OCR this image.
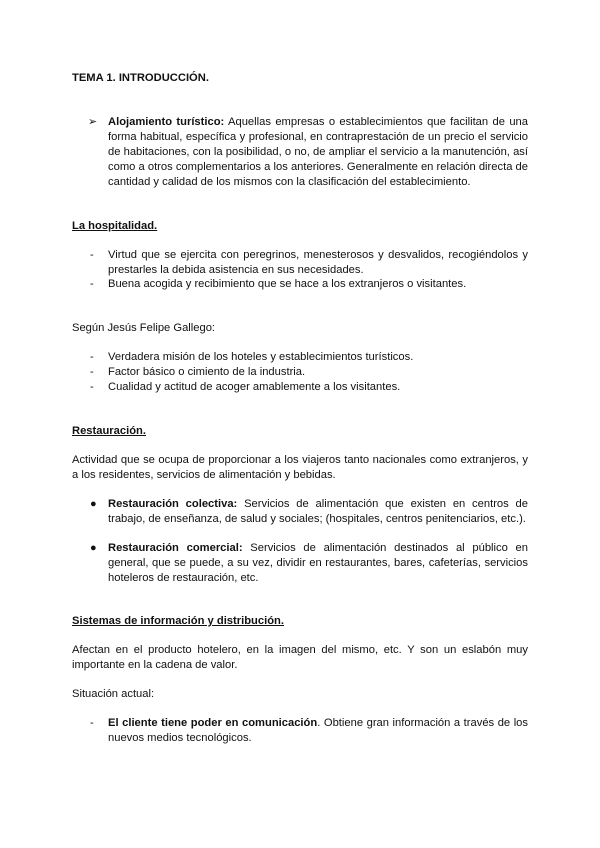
TEMA 1. INTRODUCCIÓN.
➢ Alojamiento turístico: Aquellas empresas o establecimientos que facilitan de una
forma habitual, específica y profesional, en contraprestación de un precio el servicio
de habitaciones, con la posibilidad, o no, de ampliar el servicio a la manutención, así
como a otros complementarios a los anteriores. Generalmente en relación directa de
cantidad y calidad de los mismos con la clasificación del establecimiento.
La hospitalidad.
- Virtud que se ejercita con peregrinos, menesterosos y desvalidos, recogiéndolos y
prestarles la debida asistencia en sus necesidades.
- Buena acogida y recibimiento que se hace a los extranjeros o visitantes.
Según Jesús Felipe Gallego:
- Verdadera misión de los hoteles y establecimientos turísticos.
- Factor básico o cimiento de la industria.
- Cualidad y actitud de acoger amablemente a los visitantes.
Restauración.
Actividad que se ocupa de proporcionar a los viajeros tanto nacionales como extranjeros, y
a los residentes, servicios de alimentación y bebidas.
● Restauración colectiva: Servicios de alimentación que existen en centros de
trabajo, de enseñanza, de salud y sociales; (hospitales, centros penitenciarios, etc.).
● Restauración comercial: Servicios de alimentación destinados al público en
general, que se puede, a su vez, dividir en restaurantes, bares, cafeterías, servicios
hoteleros de restauración, etc.
Sistemas de información y distribución.
Afectan en el producto hotelero, en la imagen del mismo, etc. Y son un eslabón muy
importante en la cadena de valor.
Situación actual:
- El cliente tiene poder en comunicación. Obtiene gran información a través de los
nuevos medios tecnológicos.
